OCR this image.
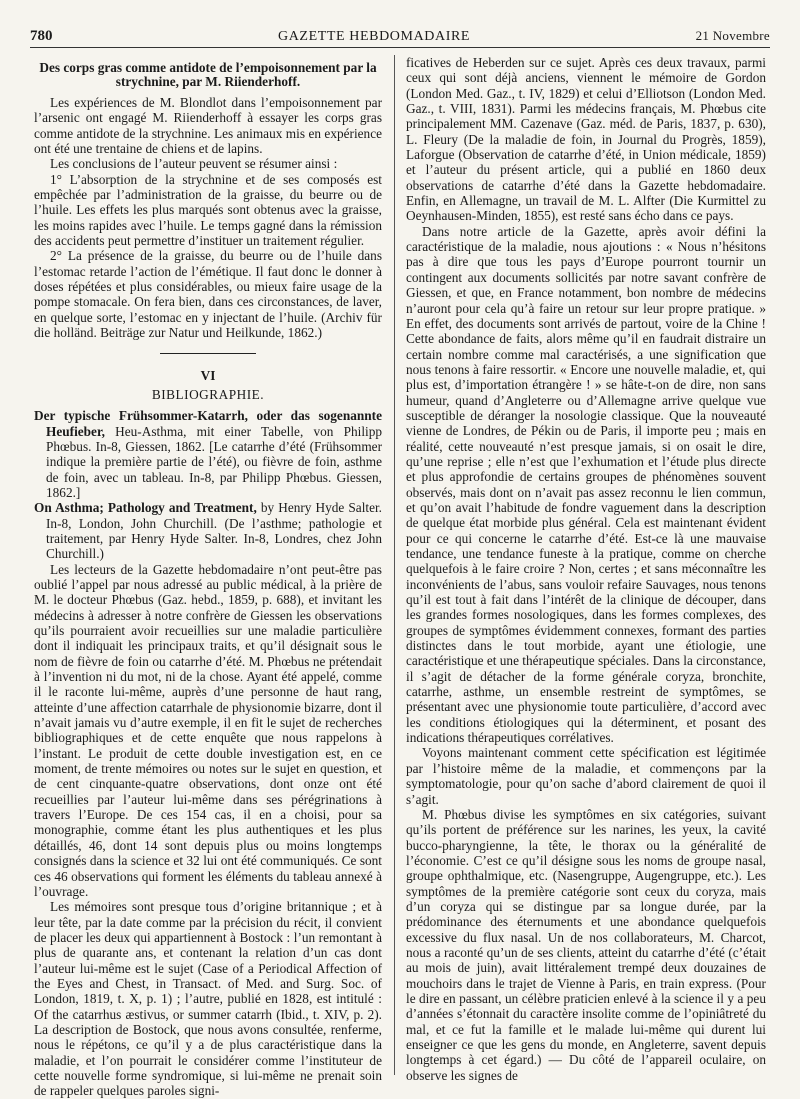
780	GAZETTE HEBDOMADAIRE	21 Novembre
Des corps gras comme antidote de l’empoisonnement par la strychnine, par M. Riienderhoff.

Les expériences de M. Blondlot dans l’empoisonnement par l’arsenic ont engagé M. Riienderhoff à essayer les corps gras comme antidote de la strychnine. Les animaux mis en expérience ont été une trentaine de chiens et de lapins.

Les conclusions de l’auteur peuvent se résumer ainsi :

1° L’absorption de la strychnine et de ses composés est empêchée par l’administration de la graisse, du beurre ou de l’huile. Les effets les plus marqués sont obtenus avec la graisse, les moins rapides avec l’huile. Le temps gagné dans la rémission des accidents peut permettre d’instituer un traitement régulier.

2° La présence de la graisse, du beurre ou de l’huile dans l’estomac retarde l’action de l’émétique. Il faut donc le donner à doses répétées et plus considérables, ou mieux faire usage de la pompe stomacale. On fera bien, dans ces circonstances, de laver, en quelque sorte, l’estomac en y injectant de l’huile. (Archiv für die holländ. Beiträge zur Natur und Heilkunde, 1862.)

VI
BIBLIOGRAPHIE.

Der typische Frühsommer-Katarrh, oder das sogenannte Heufieber, Heu-Asthma, mit einer Tabelle, von Philipp Phœbus. In-8, Giessen, 1862. [Le catarrhe d’été (Frühsommer indique la première partie de l’été), ou fièvre de foin, asthme de foin, avec un tableau. In-8, par Philipp Phœbus. Giessen, 1862.]

On Asthma; Pathology and Treatment, by Henry Hyde Salter. In-8, London, John Churchill. (De l’asthme; pathologie et traitement, par Henry Hyde Salter. In-8, Londres, chez John Churchill.)

Les lecteurs de la Gazette hebdomadaire n’ont peut-être pas oublié l’appel par nous adressé au public médical, à la prière de M. le docteur Phœbus (Gaz. hebd., 1859, p. 688), et invitant les médecins à adresser à notre confrère de Giessen les observations qu’ils pourraient avoir recueillies sur une maladie particulière dont il indiquait les principaux traits, et qu’il désignait sous le nom de fièvre de foin ou catarrhe d’été. M. Phœbus ne prétendait à l’invention ni du mot, ni de la chose. Ayant été appelé, comme il le raconte lui-même, auprès d’une personne de haut rang, atteinte d’une affection catarrhale de physionomie bizarre, dont il n’avait jamais vu d’autre exemple, il en fit le sujet de recherches bibliographiques et de cette enquête que nous rappelons à l’instant. Le produit de cette double investigation est, en ce moment, de trente mémoires ou notes sur le sujet en question, et de cent cinquante-quatre observations, dont onze ont été recueillies par l’auteur lui-même dans ses pérégrinations à travers l’Europe. De ces 154 cas, il en a choisi, pour sa monographie, comme étant les plus authentiques et les plus détaillés, 46, dont 14 sont depuis plus ou moins longtemps consignés dans la science et 32 lui ont été communiqués. Ce sont ces 46 observations qui forment les éléments du tableau annexé à l’ouvrage.

Les mémoires sont presque tous d’origine britannique ; et à leur tête, par la date comme par la précision du récit, il convient de placer les deux qui appartiennent à Bostock : l’un remontant à plus de quarante ans, et contenant la relation d’un cas dont l’auteur lui-même est le sujet (Case of a Periodical Affection of the Eyes and Chest, in Transact. of Med. and Surg. Soc. of London, 1819, t. X, p. 1) ; l’autre, publié en 1828, est intitulé : Of the catarrhus æstivus, or summer catarrh (Ibid., t. XIV, p. 2). La description de Bostock, que nous avons consultée, renferme, nous le répétons, ce qu’il y a de plus caractéristique dans la maladie, et l’on pourrait le considérer comme l’instituteur de cette nouvelle forme syndromique, si lui-même ne prenait soin de rappeler quelques paroles signi-

ficatives de Heberden sur ce sujet. Après ces deux travaux, parmi ceux qui sont déjà anciens, viennent le mémoire de Gordon (London Med. Gaz., t. IV, 1829) et celui d’Elliotson (London Med. Gaz., t. VIII, 1831). Parmi les médecins français, M. Phœbus cite principalement MM. Cazenave (Gaz. méd. de Paris, 1837, p. 630), L. Fleury (De la maladie de foin, in Journal du Progrès, 1859), Laforgue (Observation de catarrhe d’été, in Union médicale, 1859) et l’auteur du présent article, qui a publié en 1860 deux observations de catarrhe d’été dans la Gazette hebdomadaire. Enfin, en Allemagne, un travail de M. L. Alfter (Die Kurmittel zu Oeynhausen-Minden, 1855), est resté sans écho dans ce pays.

Dans notre article de la Gazette, après avoir défini la caractéristique de la maladie, nous ajoutions : « Nous n’hésitons pas à dire que tous les pays d’Europe pourront tournir un contingent aux documents sollicités par notre savant confrère de Giessen, et que, en France notamment, bon nombre de médecins n’auront pour cela qu’à faire un retour sur leur propre pratique. » En effet, des documents sont arrivés de partout, voire de la Chine ! Cette abondance de faits, alors même qu’il en faudrait distraire un certain nombre comme mal caractérisés, a une signification que nous tenons à faire ressortir. « Encore une nouvelle maladie, et, qui plus est, d’importation étrangère ! » se hâte-t-on de dire, non sans humeur, quand d’Angleterre ou d’Allemagne arrive quelque vue susceptible de déranger la nosologie classique. Que la nouveauté vienne de Londres, de Pékin ou de Paris, il importe peu ; mais en réalité, cette nouveauté n’est presque jamais, si on osait le dire, qu’une reprise ; elle n’est que l’exhumation et l’étude plus directe et plus approfondie de certains groupes de phénomènes souvent observés, mais dont on n’avait pas assez reconnu le lien commun, et qu’on avait l’habitude de fondre vaguement dans la description de quelque état morbide plus général. Cela est maintenant évident pour ce qui concerne le catarrhe d’été. Est-ce là une mauvaise tendance, une tendance funeste à la pratique, comme on cherche quelquefois à le faire croire ? Non, certes ; et sans méconnaître les inconvénients de l’abus, sans vouloir refaire Sauvages, nous tenons qu’il est tout à fait dans l’intérêt de la clinique de découper, dans les grandes formes nosologiques, dans les formes complexes, des groupes de symptômes évidemment connexes, formant des parties distinctes dans le tout morbide, ayant une étiologie, une caractéristique et une thérapeutique spéciales. Dans la circonstance, il s’agit de détacher de la forme générale coryza, bronchite, catarrhe, asthme, un ensemble restreint de symptômes, se présentant avec une physionomie toute particulière, d’accord avec les conditions étiologiques qui la déterminent, et posant des indications thérapeutiques corrélatives.

Voyons maintenant comment cette spécification est légitimée par l’histoire même de la maladie, et commençons par la symptomatologie, pour qu’on sache d’abord clairement de quoi il s’agit.

M. Phœbus divise les symptômes en six catégories, suivant qu’ils portent de préférence sur les narines, les yeux, la cavité bucco-pharyngienne, la tête, le thorax ou la généralité de l’économie. C’est ce qu’il désigne sous les noms de groupe nasal, groupe ophthalmique, etc. (Nasengruppe, Augengruppe, etc.). Les symptômes de la première catégorie sont ceux du coryza, mais d’un coryza qui se distingue par sa longue durée, par la prédominance des éternuments et une abondance quelquefois excessive du flux nasal. Un de nos collaborateurs, M. Charcot, nous a raconté qu’un de ses clients, atteint du catarrhe d’été (c’était au mois de juin), avait littéralement trempé deux douzaines de mouchoirs dans le trajet de Vienne à Paris, en train express. (Pour le dire en passant, un célèbre praticien enlevé à la science il y a peu d’années s’étonnait du caractère insolite comme de l’opiniâtreté du mal, et ce fut la famille et le malade lui-même qui durent lui enseigner ce que les gens du monde, en Angleterre, savent depuis longtemps à cet égard.) — Du côté de l’appareil oculaire, on observe les signes de
